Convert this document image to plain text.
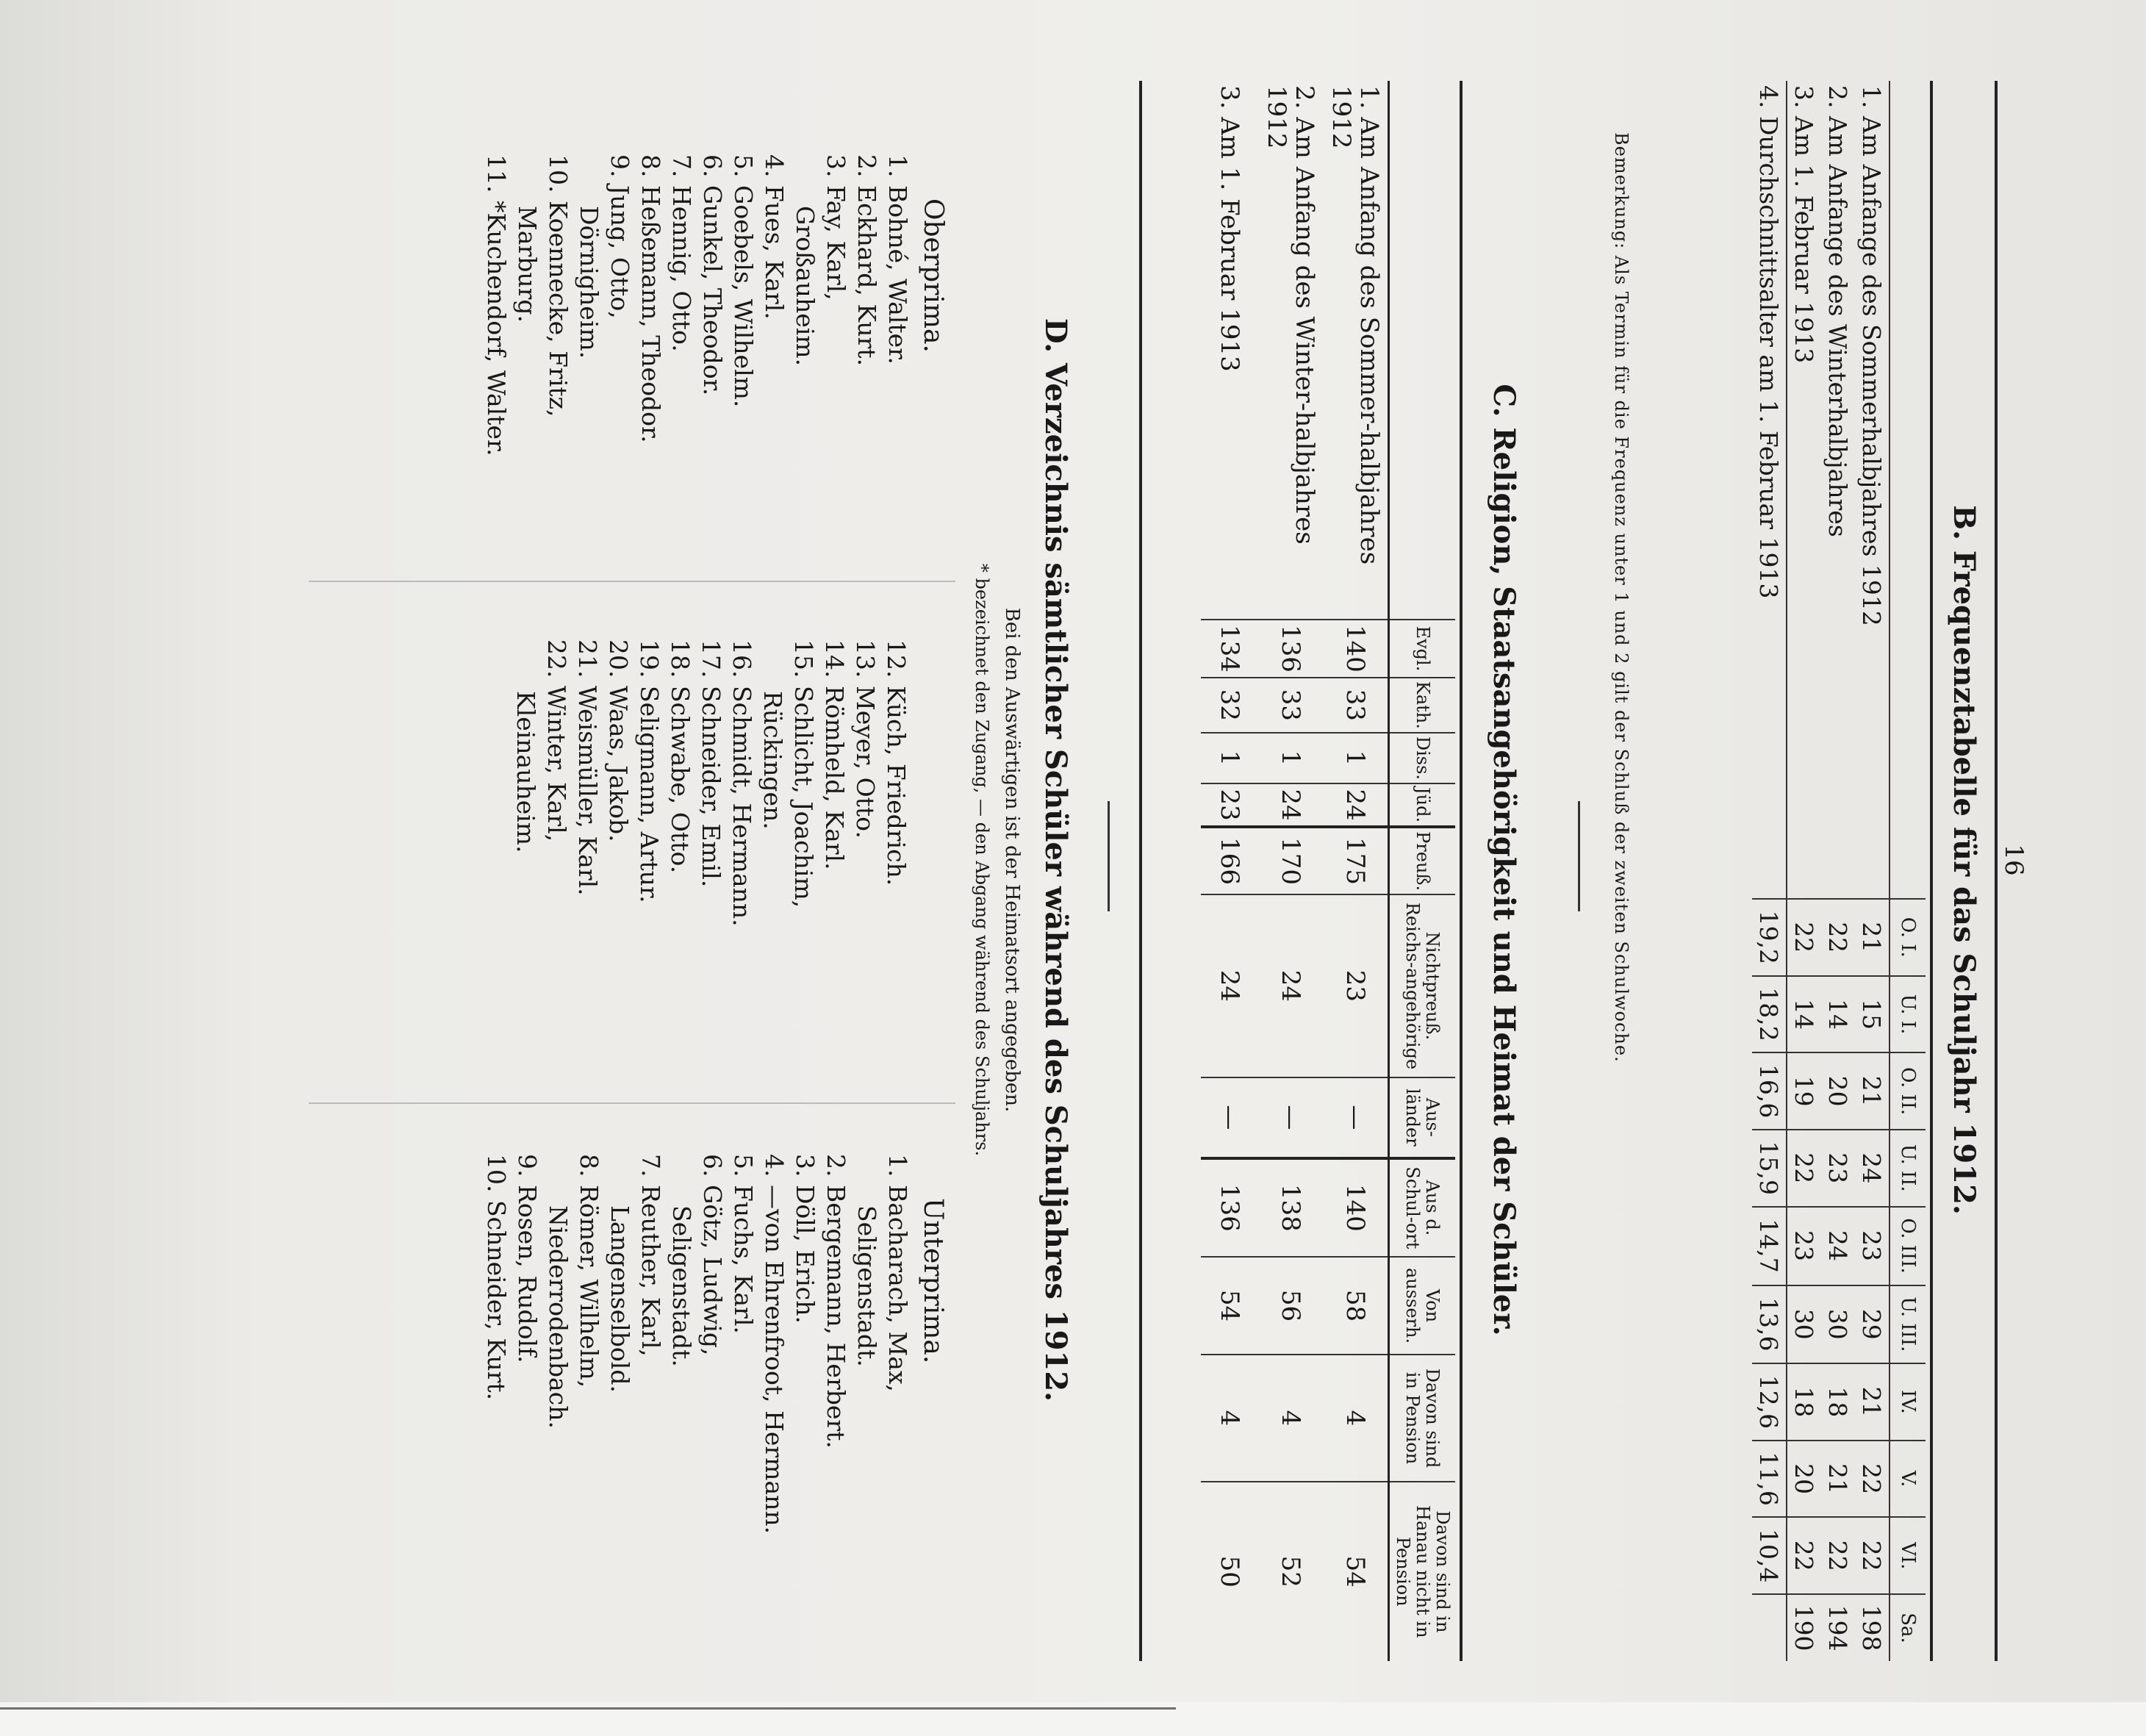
16
B. Frequenztabelle für das Schuljahr 1912.
	O. I.	U. I.	O. II.	U. II.	O. III.	U. III.	IV.	V.	VI.	Sa.
1. Am Anfange des Sommerhalbjahres 1912	21	15	21	24	23	29	21	22	22	198
2. Am Anfange des Winterhalbjahres	22	14	20	23	24	30	18	21	22	194
3. Am 1. Februar 1913	22	14	19	22	23	30	18	20	22	190
4. Durchschnittsalter am 1. Februar 1913	19,2	18,2	16,6	15,9	14,7	13,6	12,6	11,6	10,4	
Bemerkung: Als Termin für die Frequenz unter 1 und 2 gilt der Schluß der zweiten Schulwoche.
C. Religion, Staatsangehörigkeit und Heimat der Schüler.
	Evgl.	Kath.	Diss.	Jüd.	Preuß.	Nichtpreuß. Reichs-angehörige	Aus-länder	Aus d. Schul-ort	Von ausserh.	Davon sind in Pension	Davon sind in Hanau nicht in Pension
1. Am Anfang des Sommer-halbjahres 1912	140	33	1	24	175	23	—	140	58	4	54
2. Am Anfang des Winter-halbjahres 1912	136	33	1	24	170	24	—	138	56	4	52
3. Am 1. Februar 1913	134	32	1	23	166	24	—	136	54	4	50
D. Verzeichnis sämtlicher Schüler während des Schuljahres 1912.
Bei den Auswärtigen ist der Heimatsort angegeben.
* bezeichnet den Zugang, — den Abgang während des Schuljahrs.
Oberprima.
1. Bohné, Walter.
2. Eckhard, Kurt.
3. Fay, Karl,
Großauheim.
4. Fues, Karl.
5. Goebels, Wilhelm.
6. Gunkel, Theodor.
7. Hennig, Otto.
8. Heßemann, Theodor.
9. Jung, Otto,
Dörnigheim.
10. Koennecke, Fritz,
Marburg.
11. *Kuchendorf, Walter.
12. Küch, Friedrich.
13. Meyer, Otto.
14. Römheld, Karl.
15. Schlicht, Joachim,
Rückingen.
16. Schmidt, Hermann.
17. Schneider, Emil.
18. Schwabe, Otto.
19. Seligmann, Artur.
20. Waas, Jakob.
21. Weismüller, Karl.
22. Winter, Karl,
Kleinauheim.
Unterprima.
1. Bacharach, Max,
Seligenstadt.
2. Bergemann, Herbert.
3. Döll, Erich.
4. —von Ehrenfroot, Hermann.
5. Fuchs, Karl.
6. Götz, Ludwig,
Seligenstadt.
7. Reuther, Karl,
Langenselbold.
8. Römer, Wilhelm,
Niederrodenbach.
9. Rosen, Rudolf.
10. Schneider, Kurt.
